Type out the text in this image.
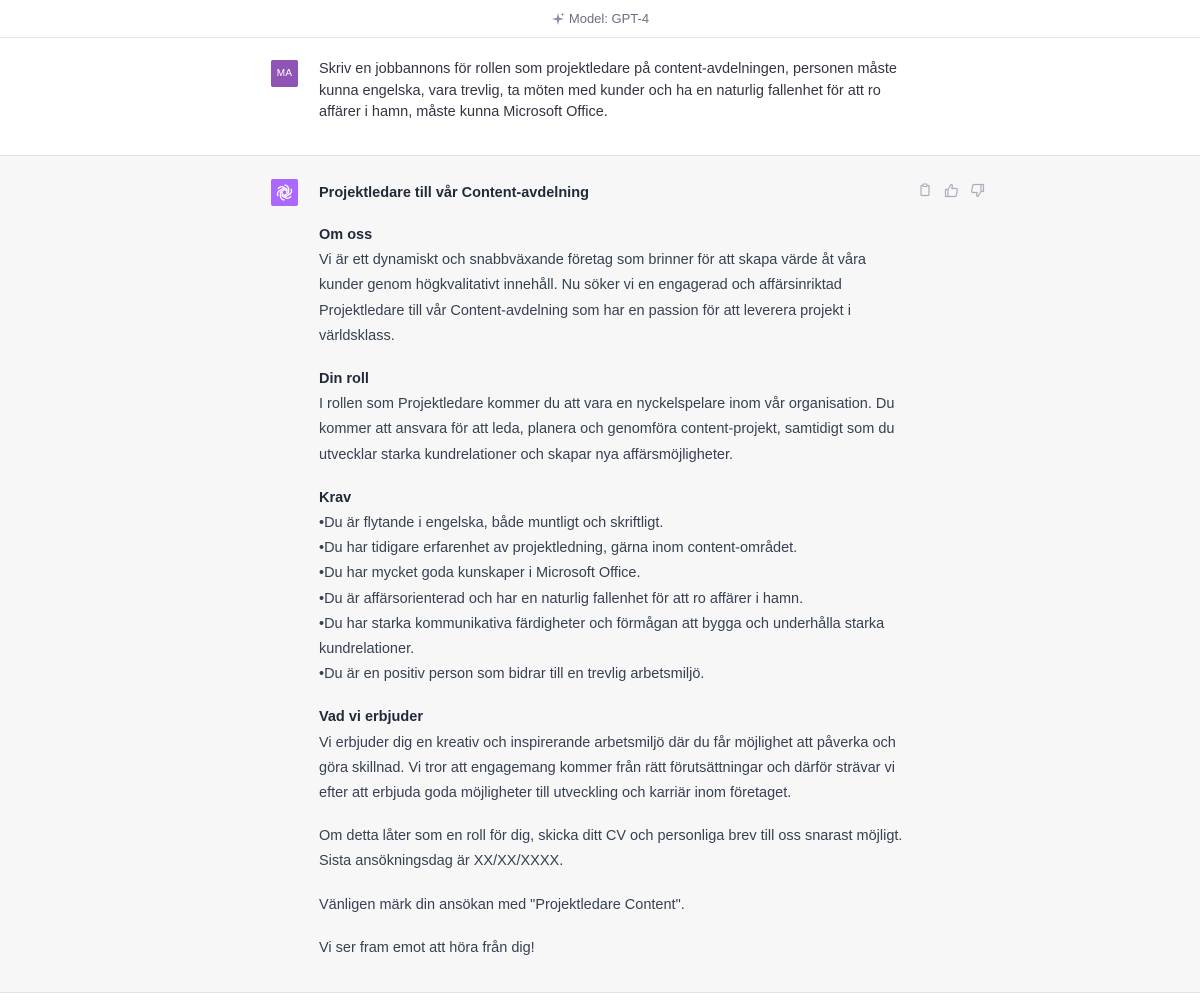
Model: GPT-4
MA Skriv en jobbannons för rollen som projektledare på content-avdelningen, personen måste kunna engelska, vara trevlig, ta möten med kunder och ha en naturlig fallenhet för att ro affärer i hamn, måste kunna Microsoft Office.
Projektledare till vår Content-avdelning
Om oss
Vi är ett dynamiskt och snabbväxande företag som brinner för att skapa värde åt våra kunder genom högkvalitativt innehåll. Nu söker vi en engagerad och affärsinriktad Projektledare till vår Content-avdelning som har en passion för att leverera projekt i världsklass.
Din roll
I rollen som Projektledare kommer du att vara en nyckelspelare inom vår organisation. Du kommer att ansvara för att leda, planera och genomföra content-projekt, samtidigt som du utvecklar starka kundrelationer och skapar nya affärsmöjligheter.
Krav
• Du är flytande i engelska, både muntligt och skriftligt.
• Du har tidigare erfarenhet av projektledning, gärna inom content-området.
• Du har mycket goda kunskaper i Microsoft Office.
• Du är affärsorienterad och har en naturlig fallenhet för att ro affärer i hamn.
• Du har starka kommunikativa färdigheter och förmågan att bygga och underhålla starka kundrelationer.
• Du är en positiv person som bidrar till en trevlig arbetsmiljö.
Vad vi erbjuder
Vi erbjuder dig en kreativ och inspirerande arbetsmiljö där du får möjlighet att påverka och göra skillnad. Vi tror att engagemang kommer från rätt förutsättningar och därför strävar vi efter att erbjuda goda möjligheter till utveckling och karriär inom företaget.

Om detta låter som en roll för dig, skicka ditt CV och personliga brev till oss snarast möjligt. Sista ansökningsdag är XX/XX/XXXX.

Vänligen märk din ansökan med "Projektledare Content".

Vi ser fram emot att höra från dig!
